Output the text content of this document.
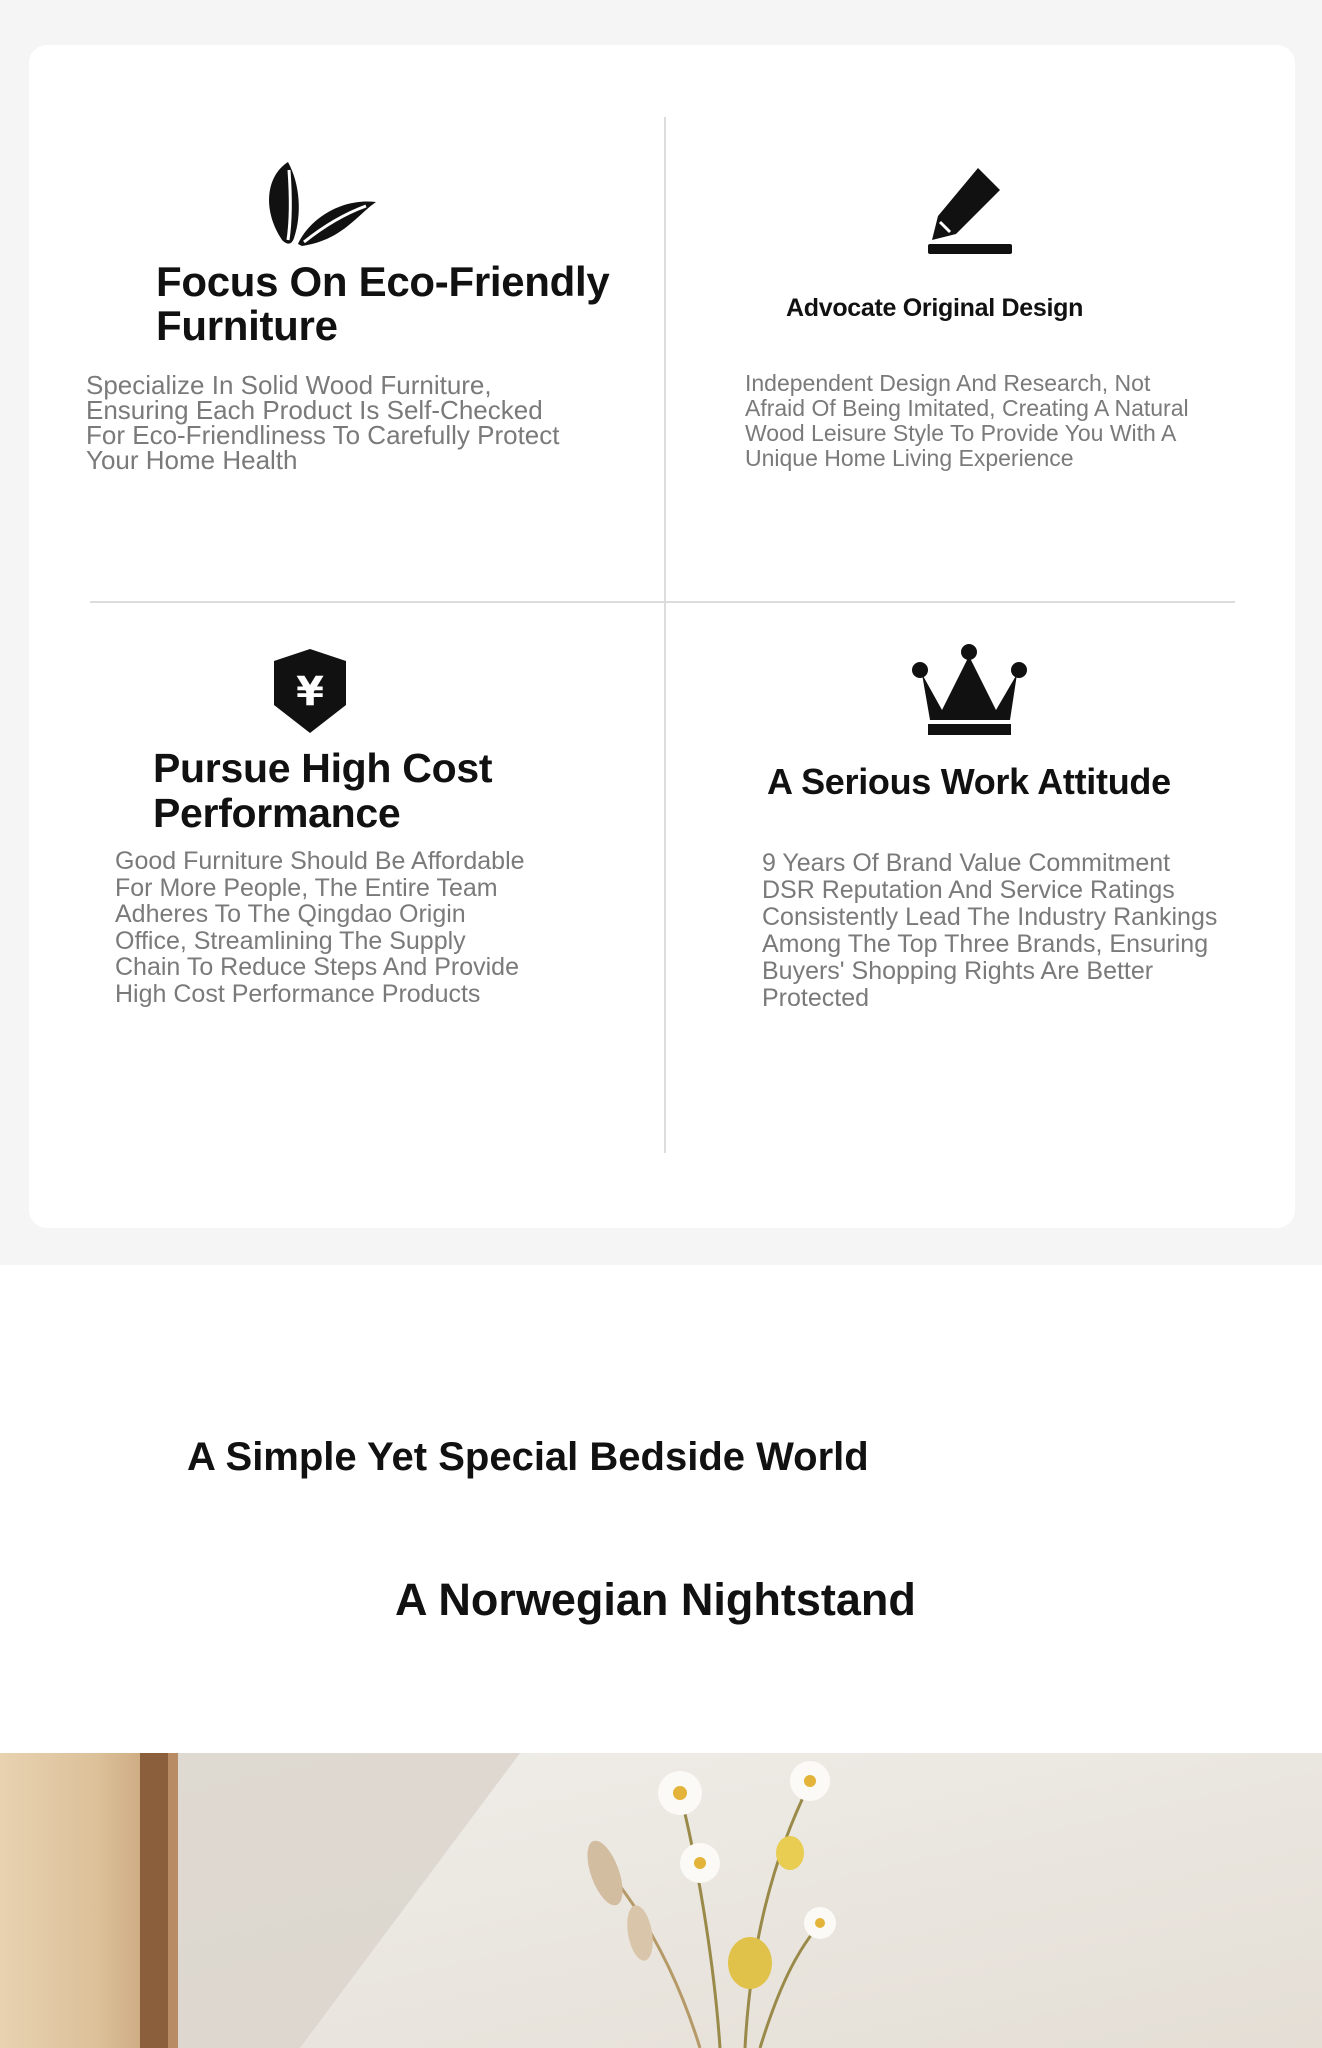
Focus On Eco-Friendly Furniture
Specialize In Solid Wood Furniture, Ensuring Each Product Is Self-Checked For Eco-Friendliness To Carefully Protect Your Home Health
Advocate Original Design
Independent Design And Research, Not Afraid Of Being Imitated, Creating A Natural Wood Leisure Style To Provide You With A Unique Home Living Experience
¥
Pursue High Cost Performance
Good Furniture Should Be Affordable For More People, The Entire Team Adheres To The Qingdao Origin Office, Streamlining The Supply Chain To Reduce Steps And Provide High Cost Performance Products
A Serious Work Attitude
9 Years Of Brand Value Commitment DSR Reputation And Service Ratings Consistently Lead The Industry Rankings Among The Top Three Brands, Ensuring Buyers' Shopping Rights Are Better Protected
A Simple Yet Special Bedside World
A Norwegian Nightstand
